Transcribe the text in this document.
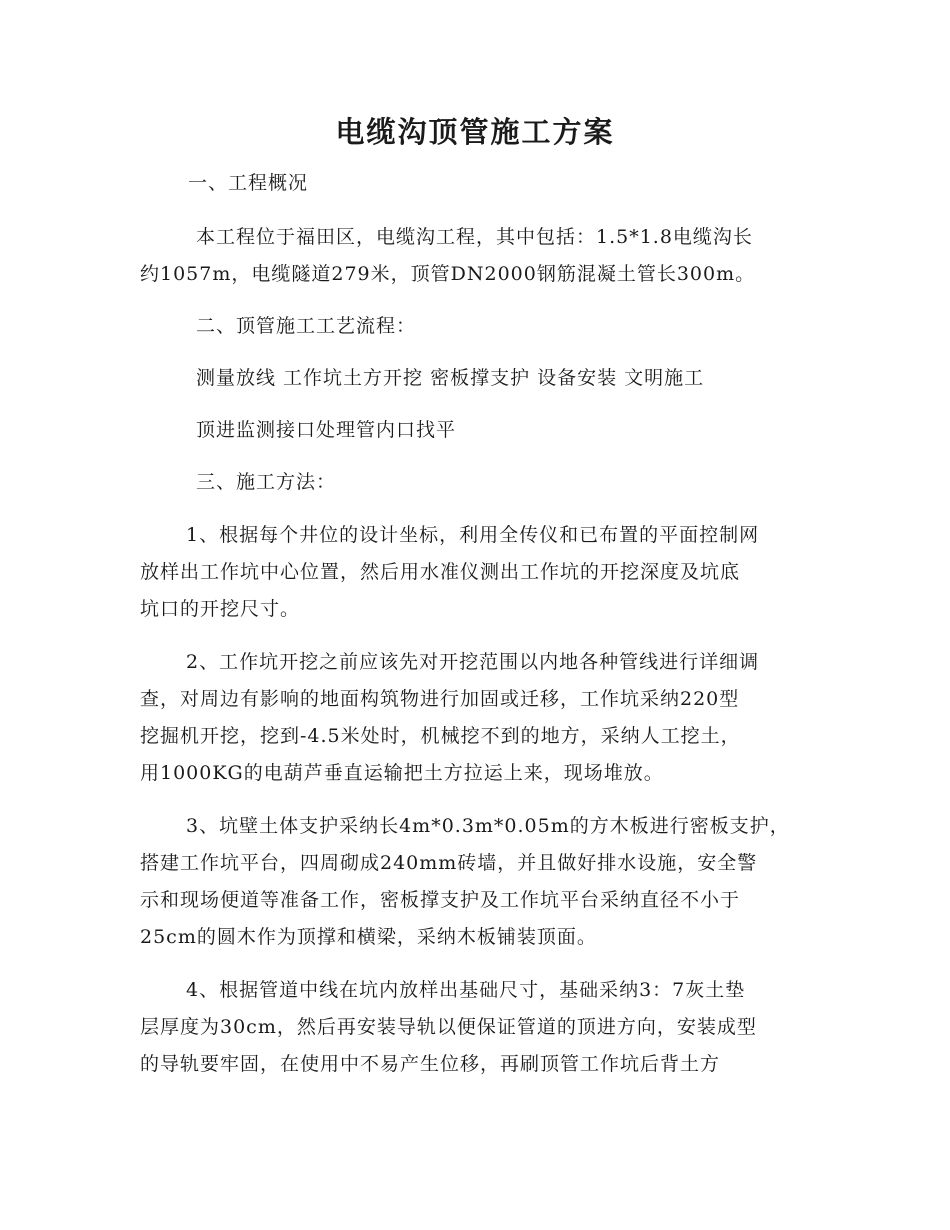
电缆沟顶管施工方案
一、工程概况
本工程位于福田区，电缆沟工程，其中包括：1.5*1.8电缆沟长
约1057m，电缆隧道279米，顶管DN2000钢筋混凝土管长300m。
二、顶管施工工艺流程：
测量放线 工作坑土方开挖 密板撑支护 设备安装 文明施工
顶进监测接口处理管内口找平
三、施工方法：
1、根据每个井位的设计坐标，利用全传仪和已布置的平面控制网
放样出工作坑中心位置，然后用水准仪测出工作坑的开挖深度及坑底
坑口的开挖尺寸。
2、工作坑开挖之前应该先对开挖范围以内地各种管线进行详细调
查，对周边有影响的地面构筑物进行加固或迁移，工作坑采纳220型
挖掘机开挖，挖到-4.5米处时，机械挖不到的地方，采纳人工挖土，
用1000KG的电葫芦垂直运输把土方拉运上来，现场堆放。
3、坑壁土体支护采纳长4m*0.3m*0.05m的方木板进行密板支护，
搭建工作坑平台，四周砌成240mm砖墙，并且做好排水设施，安全警
示和现场便道等准备工作，密板撑支护及工作坑平台采纳直径不小于
25cm的圆木作为顶撑和横梁，采纳木板铺装顶面。
4、根据管道中线在坑内放样出基础尺寸，基础采纳3：7灰土垫
层厚度为30cm，然后再安装导轨以便保证管道的顶进方向，安装成型
的导轨要牢固，在使用中不易产生位移，再刷顶管工作坑后背土方
